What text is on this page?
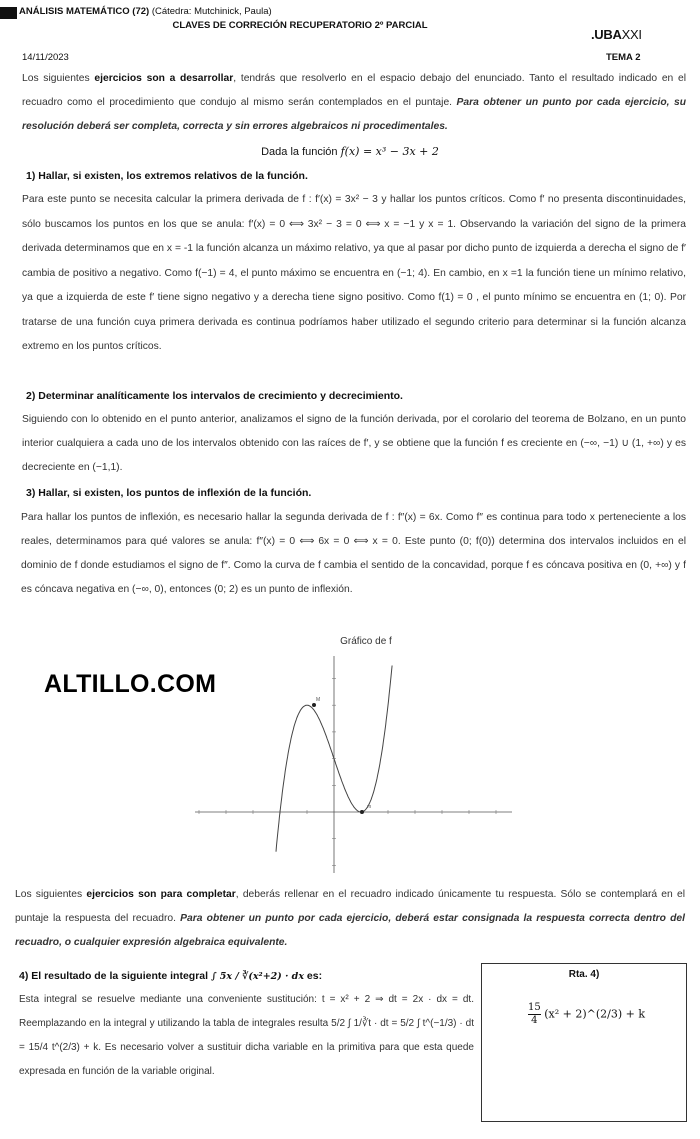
ANÁLISIS MATEMÁTICO (72) (Cátedra: Mutchinick, Paula)
CLAVES DE CORRECIÓN RECUPERATORIO 2º PARCIAL
.UBAXXI
14/11/2023	TEMA 2
Los siguientes ejercicios son a desarrollar, tendrás que resolverlo en el espacio debajo del enunciado. Tanto el resultado indicado en el recuadro como el procedimiento que condujo al mismo serán contemplados en el puntaje. Para obtener un punto por cada ejercicio, su resolución deberá ser completa, correcta y sin errores algebraicos ni procedimentales.
Dada la función f(x) = x³ − 3x + 2
1) Hallar, si existen, los extremos relativos de la función.
Para este punto se necesita calcular la primera derivada de f : f′(x) = 3x² − 3 y hallar los puntos críticos. Como f′ no presenta discontinuidades, sólo buscamos los puntos en los que se anula: f′(x) = 0 ⟺ 3x² − 3 = 0 ⟺ x = −1 y x = 1. Observando la variación del signo de la primera derivada determinamos que en x = -1 la función alcanza un máximo relativo, ya que al pasar por dicho punto de izquierda a derecha el signo de f′ cambia de positivo a negativo. Como f(−1) = 4, el punto máximo se encuentra en (−1; 4). En cambio, en x =1 la función tiene un mínimo relativo, ya que a izquierda de este f′ tiene signo negativo y a derecha tiene signo positivo. Como f(1) = 0 , el punto mínimo se encuentra en (1; 0). Por tratarse de una función cuya primera derivada es continua podríamos haber utilizado el segundo criterio para determinar si la función alcanza extremo en los puntos críticos.
2) Determinar analíticamente los intervalos de crecimiento y decrecimiento.
Siguiendo con lo obtenido en el punto anterior, analizamos el signo de la función derivada, por el corolario del teorema de Bolzano, en un punto interior cualquiera a cada uno de los intervalos obtenido con las raíces de f′, y se obtiene que la función f es creciente en (−∞, −1) ∪ (1, +∞) y es decreciente en (−1,1).
3) Hallar, si existen, los puntos de inflexión de la función.
Para hallar los puntos de inflexión, es necesario hallar la segunda derivada de f : f″(x) = 6x. Como f″ es continua para todo x perteneciente a los reales, determinamos para qué valores se anula: f″(x) = 0 ⟺ 6x = 0 ⟺ x = 0. Este punto (0; f(0)) determina dos intervalos incluidos en el dominio de f donde estudiamos el signo de f″. Como la curva de f cambia el sentido de la concavidad, porque f es cóncava positiva en (0, +∞) y f es cóncava negativa en (−∞, 0), entonces (0; 2) es un punto de inflexión.
ALTILLO.COM
Gráfico de f
M
m
Los siguientes ejercicios son para completar, deberás rellenar en el recuadro indicado únicamente tu respuesta. Sólo se contemplará en el puntaje la respuesta del recuadro. Para obtener un punto por cada ejercicio, deberá estar consignada la respuesta correcta dentro del recuadro, o cualquier expresión algebraica equivalente.
4) El resultado de la siguiente integral ∫ 5x / ∛(x²+2) · dx es:
Esta integral se resuelve mediante una conveniente sustitución: t = x² + 2 ⇒ dt = 2x · dx = dt. Reemplazando en la integral y utilizando la tabla de integrales resulta 5/2 ∫ 1/∛t · dt = 5/2 ∫ t^(−1/3) · dt = 15/4 t^(2/3) + k. Es necesario volver a sustituir dicha variable en la primitiva para que esta quede expresada en función de la variable original.
Rta. 4)
$\frac{15}{4} (x^2$ + 2)^(2/3) + k
